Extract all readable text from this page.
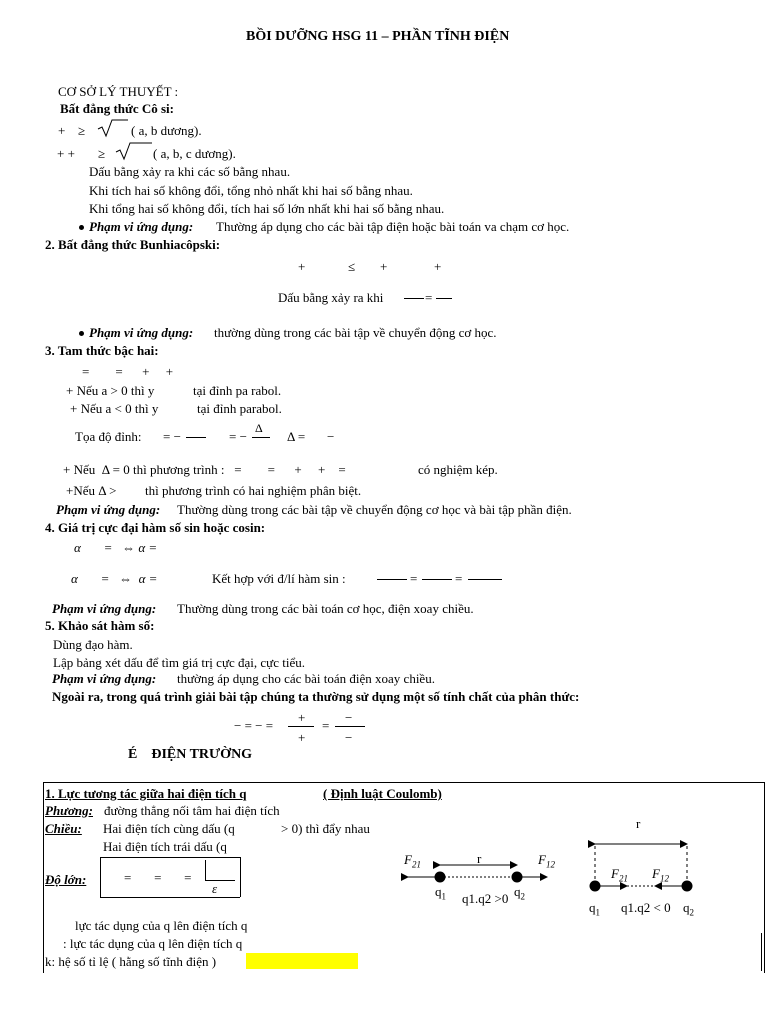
BỒI DƯỠNG HSG 11 – PHẦN TĨNH ĐIỆN
CƠ SỞ LÝ THUYẾT :
Bất đẳng thức Cô si:
+ ≥	( a, b dương).
+ + ≥	( a, b, c dương).
Dấu bằng xảy ra khi các số bằng nhau.
Khi tích hai số không đổi, tổng nhỏ nhất khi hai số bằng nhau.
Khi tổng hai số không đổi, tích hai số lớn nhất khi hai số bằng nhau.
Phạm vi ứng dụng: Thường áp dụng cho các bài tập điện hoặc bài toán va chạm cơ học.
2. Bất đẳng thức Bunhiacôpski:
+	≤ +	+
Dấu bằng xảy ra khi	=
Phạm vi ứng dụng: thường dùng trong các bài tập về chuyển động cơ học.
3. Tam thức bậc hai:
=        =      +     +
+ Nếu a > 0 thì y	tại đỉnh pa rabol.
+ Nếu a < 0 thì y	tại đỉnh parabol.
Tọa độ đỉnh: = −	= −
Δ
Δ = −
+ Nếu  Δ = 0 thì phương trình :   =        =      +     +    =	có nghiệm kép.
+Nếu Δ > thì phương trình có hai nghiệm phân biệt.
Phạm vi ứng dụng: Thường dùng trong các bài tập về chuyển động cơ học và bài tập phần điện.
4. Giá trị cực đại hàm số sin hoặc cosin:
α       =   ⇔ α =
α       =   ⇔  α =	Kết hợp với đ/lí hàm sin :	=	=
Phạm vi ứng dụng: Thường dùng trong các bài toán cơ học, điện xoay chiều.
5. Khảo sát hàm số:
Dùng đạo hàm.
Lập bảng xét dấu để tìm giá trị cực đại, cực tiểu.
Phạm vi ứng dụng: thường áp dụng cho các bài toán điện xoay chiều.
Ngoài ra, trong quá trình giải bài tập chúng ta thường sử dụng một số tính chất của phân thức:
− = − =
+
+
=
−
−
É    ĐIỆN TRƯỜNG
1. Lực tương tác giữa hai điện tích q	( Định luật Coulomb)
Phương: đường thẳng nối tâm hai điện tích
Chiều: Hai điện tích cùng dấu (q	> 0) thì đẩy nhau
Hai điện tích trái dấu (q
Độ lớn:	=       =       =
ε
lực tác dụng của q lên điện tích q
: lực tác dụng của q lên điện tích q
k: hệ số tỉ lệ ( hằng số tĩnh điện )
$F_{21}$	r	$F_{12}$
$q_1$ q1.q2 >0 $q_2$
r
$F_{21}$ $F_{12}$
$q_1$ q1.q2 < 0 $q_2$
